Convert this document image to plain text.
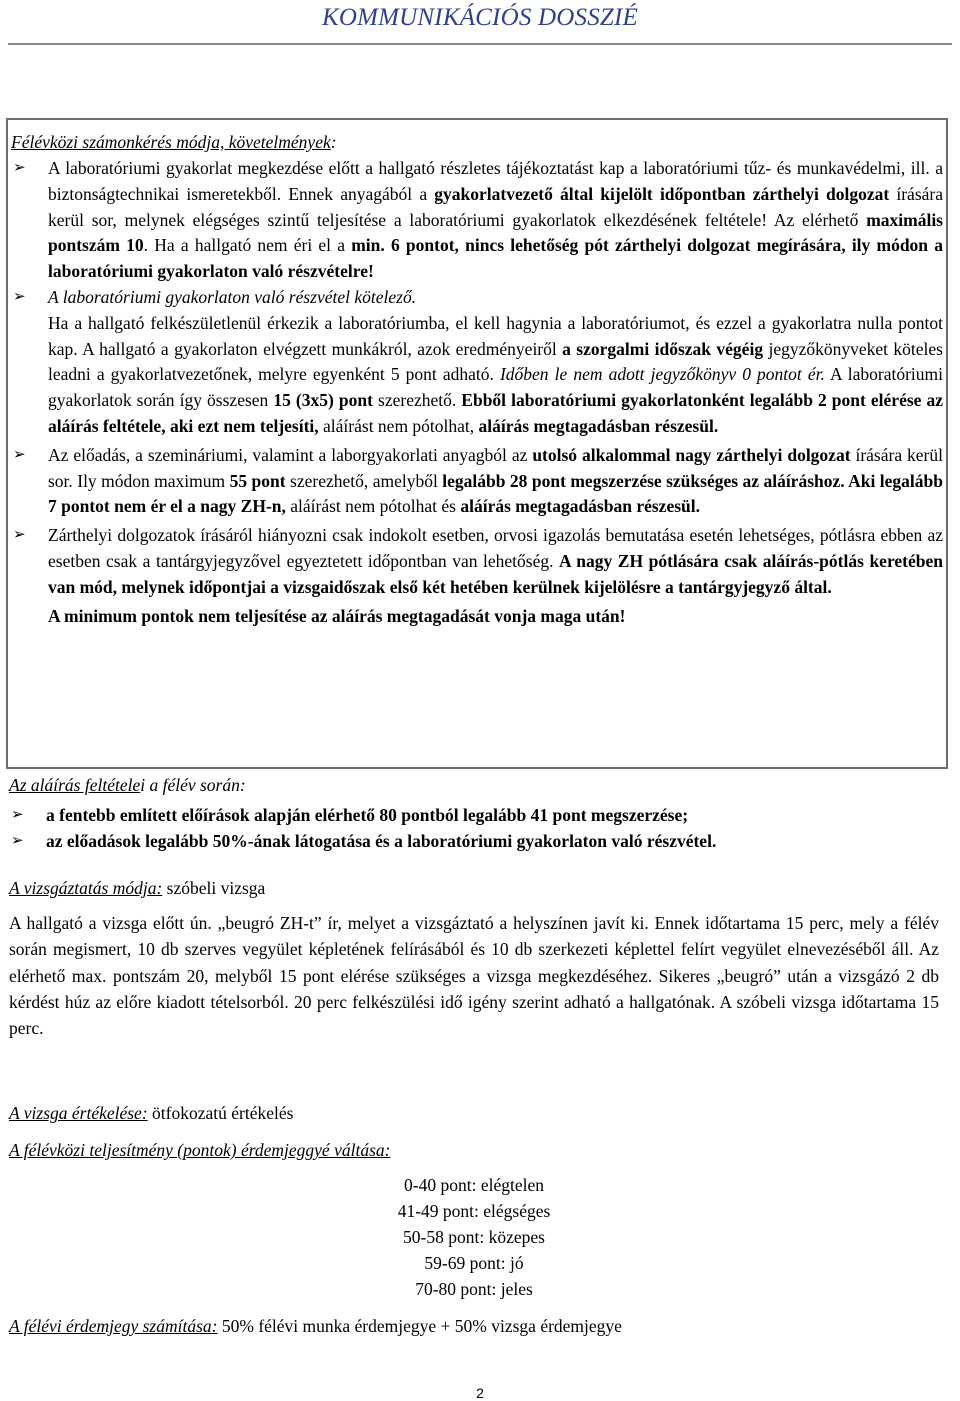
KOMMUNIKÁCIÓS DOSSZIÉ

Félévközi számonkérés módja, követelmények:

➢ A laboratóriumi gyakorlat megkezdése előtt a hallgató részletes tájékoztatást kap a laboratóriumi tűz- és munkavédelmi, ill. a biztonságtechnikai ismeretekből. Ennek anyagából a gyakorlatvezető által kijelölt időpontban zárthelyi dolgozat írására kerül sor, melynek elégséges szintű teljesítése a laboratóriumi gyakorlatok elkezdésének feltétele! Az elérhető maximális pontszám 10. Ha a hallgató nem éri el a min. 6 pontot, nincs lehetőség pót zárthelyi dolgozat megírására, ily módon a laboratóriumi gyakorlaton való részvételre!
➢ A laboratóriumi gyakorlaton való részvétel kötelező.
Ha a hallgató felkészületlenül érkezik a laboratóriumba, el kell hagynia a laboratóriumot, és ezzel a gyakorlatra nulla pontot kap. A hallgató a gyakorlaton elvégzett munkákról, azok eredményeiről a szorgalmi időszak végéig jegyzőkönyveket köteles leadni a gyakorlatvezetőnek, melyre egyenként 5 pont adható. Időben le nem adott jegyzőkönyv 0 pontot ér. A laboratóriumi gyakorlatok során így összesen 15 (3x5) pont szerezhető. Ebből laboratóriumi gyakorlatonként legalább 2 pont elérése az aláírás feltétele, aki ezt nem teljesíti, aláírást nem pótolhat, aláírás megtagadásban részesül.
➢ Az előadás, a szemináriumi, valamint a laborgyakorlati anyagból az utolsó alkalommal nagy zárthelyi dolgozat írására kerül sor. Ily módon maximum 55 pont szerezhető, amelyből legalább 28 pont megszerzése szükséges az aláíráshoz. Aki legalább 7 pontot nem ér el a nagy ZH-n, aláírást nem pótolhat és aláírás megtagadásban részesül.
➢ Zárthelyi dolgozatok írásáról hiányozni csak indokolt esetben, orvosi igazolás bemutatása esetén lehetséges, pótlásra ebben az esetben csak a tantárgyjegyzővel egyeztetett időpontban van lehetőség. A nagy ZH pótlására csak aláírás-pótlás keretében van mód, melynek időpontjai a vizsgaidőszak első két hetében kerülnek kijelölésre a tantárgyjegyző által.

A minimum pontok nem teljesítése az aláírás megtagadását vonja maga után!

Az aláírás feltételei a félév során:

➢ a fentebb említett előírások alapján elérhető 80 pontból legalább 41 pont megszerzése;
➢ az előadások legalább 50%-ának látogatása és a laboratóriumi gyakorlaton való részvétel.

A vizsgáztatás módja: szóbeli vizsga

A hallgató a vizsga előtt ún. „beugró ZH-t” ír, melyet a vizsgáztató a helyszínen javít ki. Ennek időtartama 15 perc, mely a félév során megismert, 10 db szerves vegyület képletének felírásából és 10 db szerkezeti képlettel felírt vegyület elnevezéséből áll. Az elérhető max. pontszám 20, melyből 15 pont elérése szükséges a vizsga megkezdéséhez. Sikeres „beugró” után a vizsgázó 2 db kérdést húz az előre kiadott tételsorból. 20 perc felkészülési idő igény szerint adható a hallgatónak. A szóbeli vizsga időtartama 15 perc.

A vizsga értékelése: ötfokozatú értékelés

A félévközi teljesítmény (pontok) érdemjeggyé váltása:

0-40 pont: elégtelen
41-49 pont: elégséges
50-58 pont: közepes
59-69 pont: jó
70-80 pont: jeles

A félévi érdemjegy számítása: 50% félévi munka érdemjegye + 50% vizsga érdemjegye

2
